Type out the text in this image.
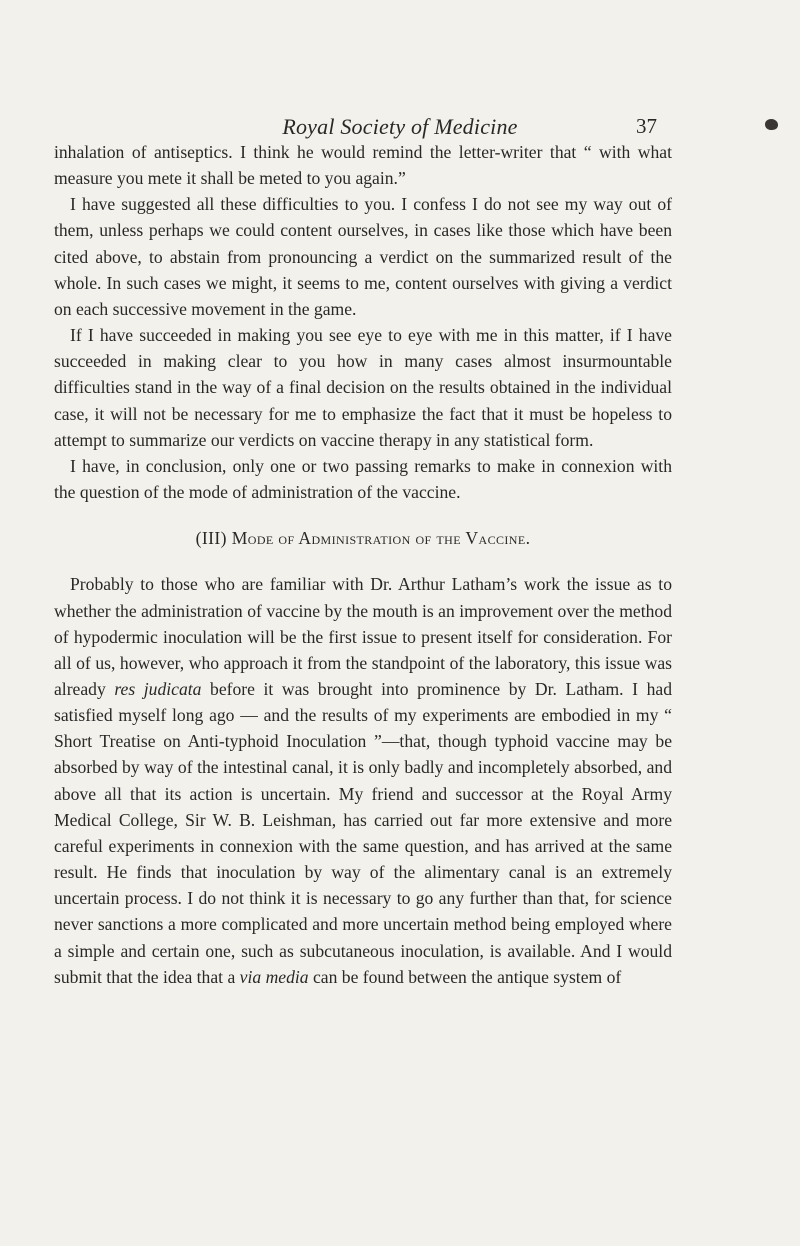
Royal Society of Medicine	37

inhalation of antiseptics. I think he would remind the letter-writer that “ with what measure you mete it shall be meted to you again.”

I have suggested all these difficulties to you. I confess I do not see my way out of them, unless perhaps we could content ourselves, in cases like those which have been cited above, to abstain from pronouncing a verdict on the summarized result of the whole. In such cases we might, it seems to me, content ourselves with giving a verdict on each successive movement in the game.

If I have succeeded in making you see eye to eye with me in this matter, if I have succeeded in making clear to you how in many cases almost insurmountable difficulties stand in the way of a final decision on the results obtained in the individual case, it will not be necessary for me to emphasize the fact that it must be hopeless to attempt to summarize our verdicts on vaccine therapy in any statistical form.

I have, in conclusion, only one or two passing remarks to make in connexion with the question of the mode of administration of the vaccine.

(III) Mode of Administration of the Vaccine.

Probably to those who are familiar with Dr. Arthur Latham’s work the issue as to whether the administration of vaccine by the mouth is an improvement over the method of hypodermic inoculation will be the first issue to present itself for consideration. For all of us, however, who approach it from the standpoint of the laboratory, this issue was already res judicata before it was brought into prominence by Dr. Latham. I had satisfied myself long ago — and the results of my experiments are embodied in my “ Short Treatise on Anti-typhoid Inoculation ”—that, though typhoid vaccine may be absorbed by way of the intestinal canal, it is only badly and incompletely absorbed, and above all that its action is uncertain. My friend and successor at the Royal Army Medical College, Sir W. B. Leishman, has carried out far more extensive and more careful experiments in connexion with the same question, and has arrived at the same result. He finds that inoculation by way of the alimentary canal is an extremely uncertain process. I do not think it is necessary to go any further than that, for science never sanctions a more complicated and more uncertain method being employed where a simple and certain one, such as subcutaneous inoculation, is available. And I would submit that the idea that a via media can be found between the antique system of
